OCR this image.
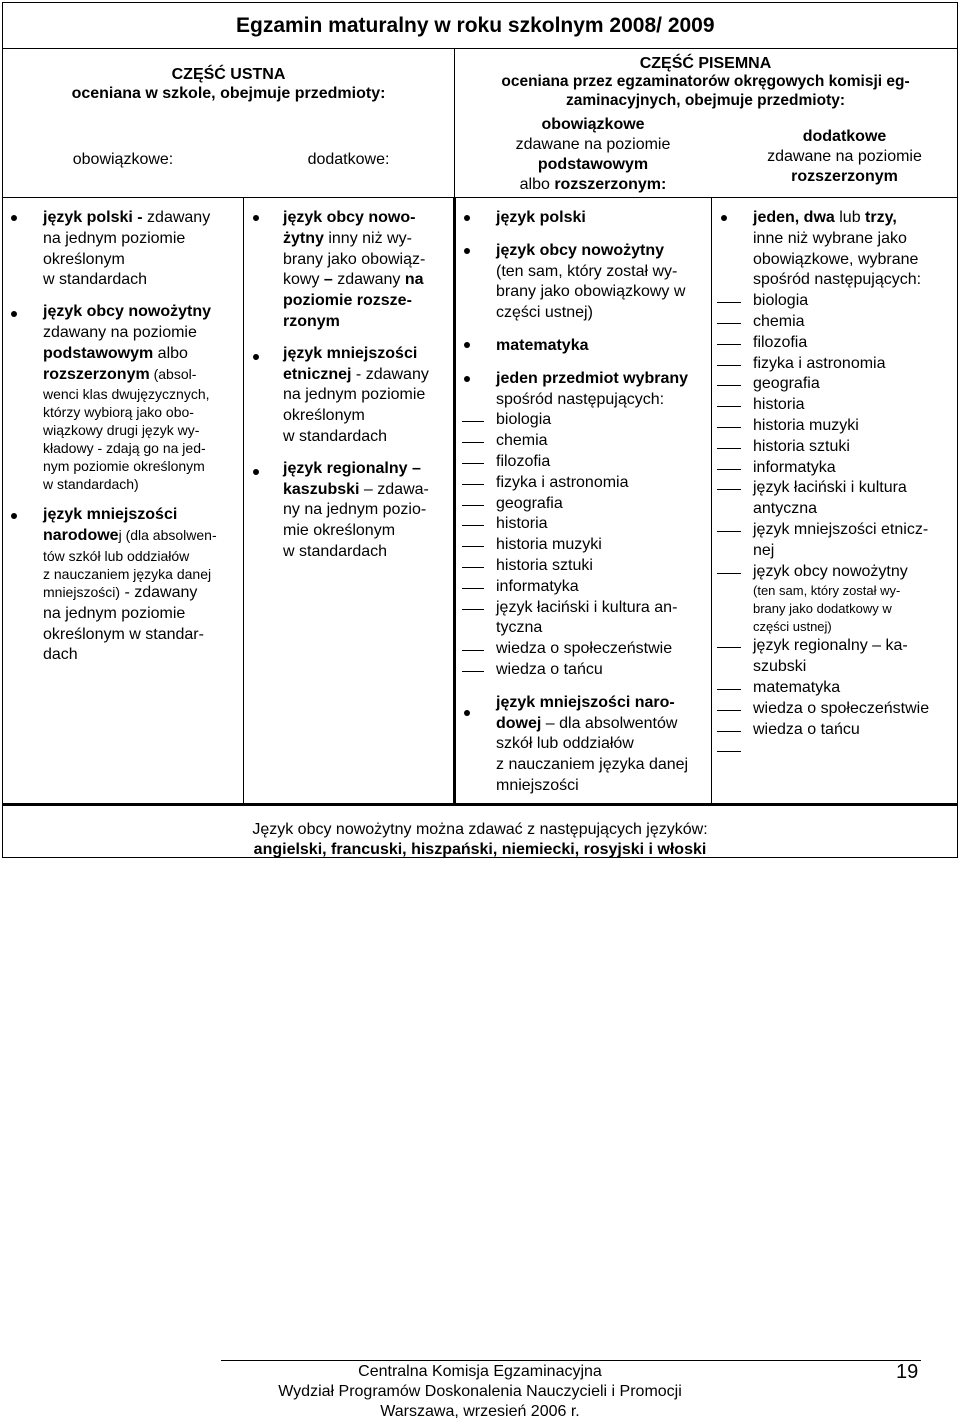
Egzamin maturalny w roku szkolnym 2008/ 2009
CZĘŚĆ USTNA
oceniana w szkole, obejmuje przedmioty:
obowiązkowe:	dodatkowe:
CZĘŚĆ PISEMNA
oceniana przez egzaminatorów okręgowych komisji eg-
zaminacyjnych, obejmuje przedmioty:
obowiązkowe
zdawane na poziomie
podstawowym
albo rozszerzonym:
dodatkowe
zdawane na poziomie
rozszerzonym
język polski - zdawany
na jednym poziomie
określonym
w standardach
język obcy nowożytny
zdawany na poziomie
podstawowym albo
rozszerzonym (absol-
wenci klas dwujęzycznych,
którzy wybiorą jako obo-
wiązkowy drugi język wy-
kładowy - zdają go na jed-
nym poziomie określonym
w standardach)
język mniejszości
narodowej (dla absolwen-
tów szkół lub oddziałów
z nauczaniem języka danej
mniejszości) - zdawany
na jednym poziomie
określonym w standar-
dach
język obcy nowo-
żytny inny niż wy-
brany jako obowiąz-
kowy – zdawany na
poziomie rozsze-
rzonym
język mniejszości
etnicznej - zdawany
na jednym poziomie
określonym
w standardach
język regionalny –
kaszubski – zdawa-
ny na jednym pozio-
mie określonym
w standardach
język polski
język obcy nowożytny
(ten sam, który został wy-
brany jako obowiązkowy w
części ustnej)
matematyka
jeden przedmiot wybrany
spośród następujących:
biologia
chemia
filozofia
fizyka i astronomia
geografia
historia
historia muzyki
historia sztuki
informatyka
język łaciński i kultura an-
tyczna
wiedza o społeczeństwie
wiedza o tańcu
język mniejszości naro-
dowej – dla absolwentów
szkół lub oddziałów
z nauczaniem języka danej
mniejszości
jeden, dwa lub trzy,
inne niż wybrane jako
obowiązkowe, wybrane
spośród następujących:
biologia
chemia
filozofia
fizyka i astronomia
geografia
historia
historia muzyki
historia sztuki
informatyka
język łaciński i kultura
antyczna
język mniejszości etnicz-
nej
język obcy nowożytny
(ten sam, który został wy-
brany jako dodatkowy w
części ustnej)
język regionalny – ka-
szubski
matematyka
wiedza o społeczeństwie
wiedza o tańcu
Język obcy nowożytny można zdawać z następujących języków:
angielski, francuski, hiszpański, niemiecki, rosyjski i włoski
Centralna Komisja Egzaminacyjna
Wydział Programów Doskonalenia Nauczycieli i Promocji
Warszawa, wrzesień 2006 r.
19
